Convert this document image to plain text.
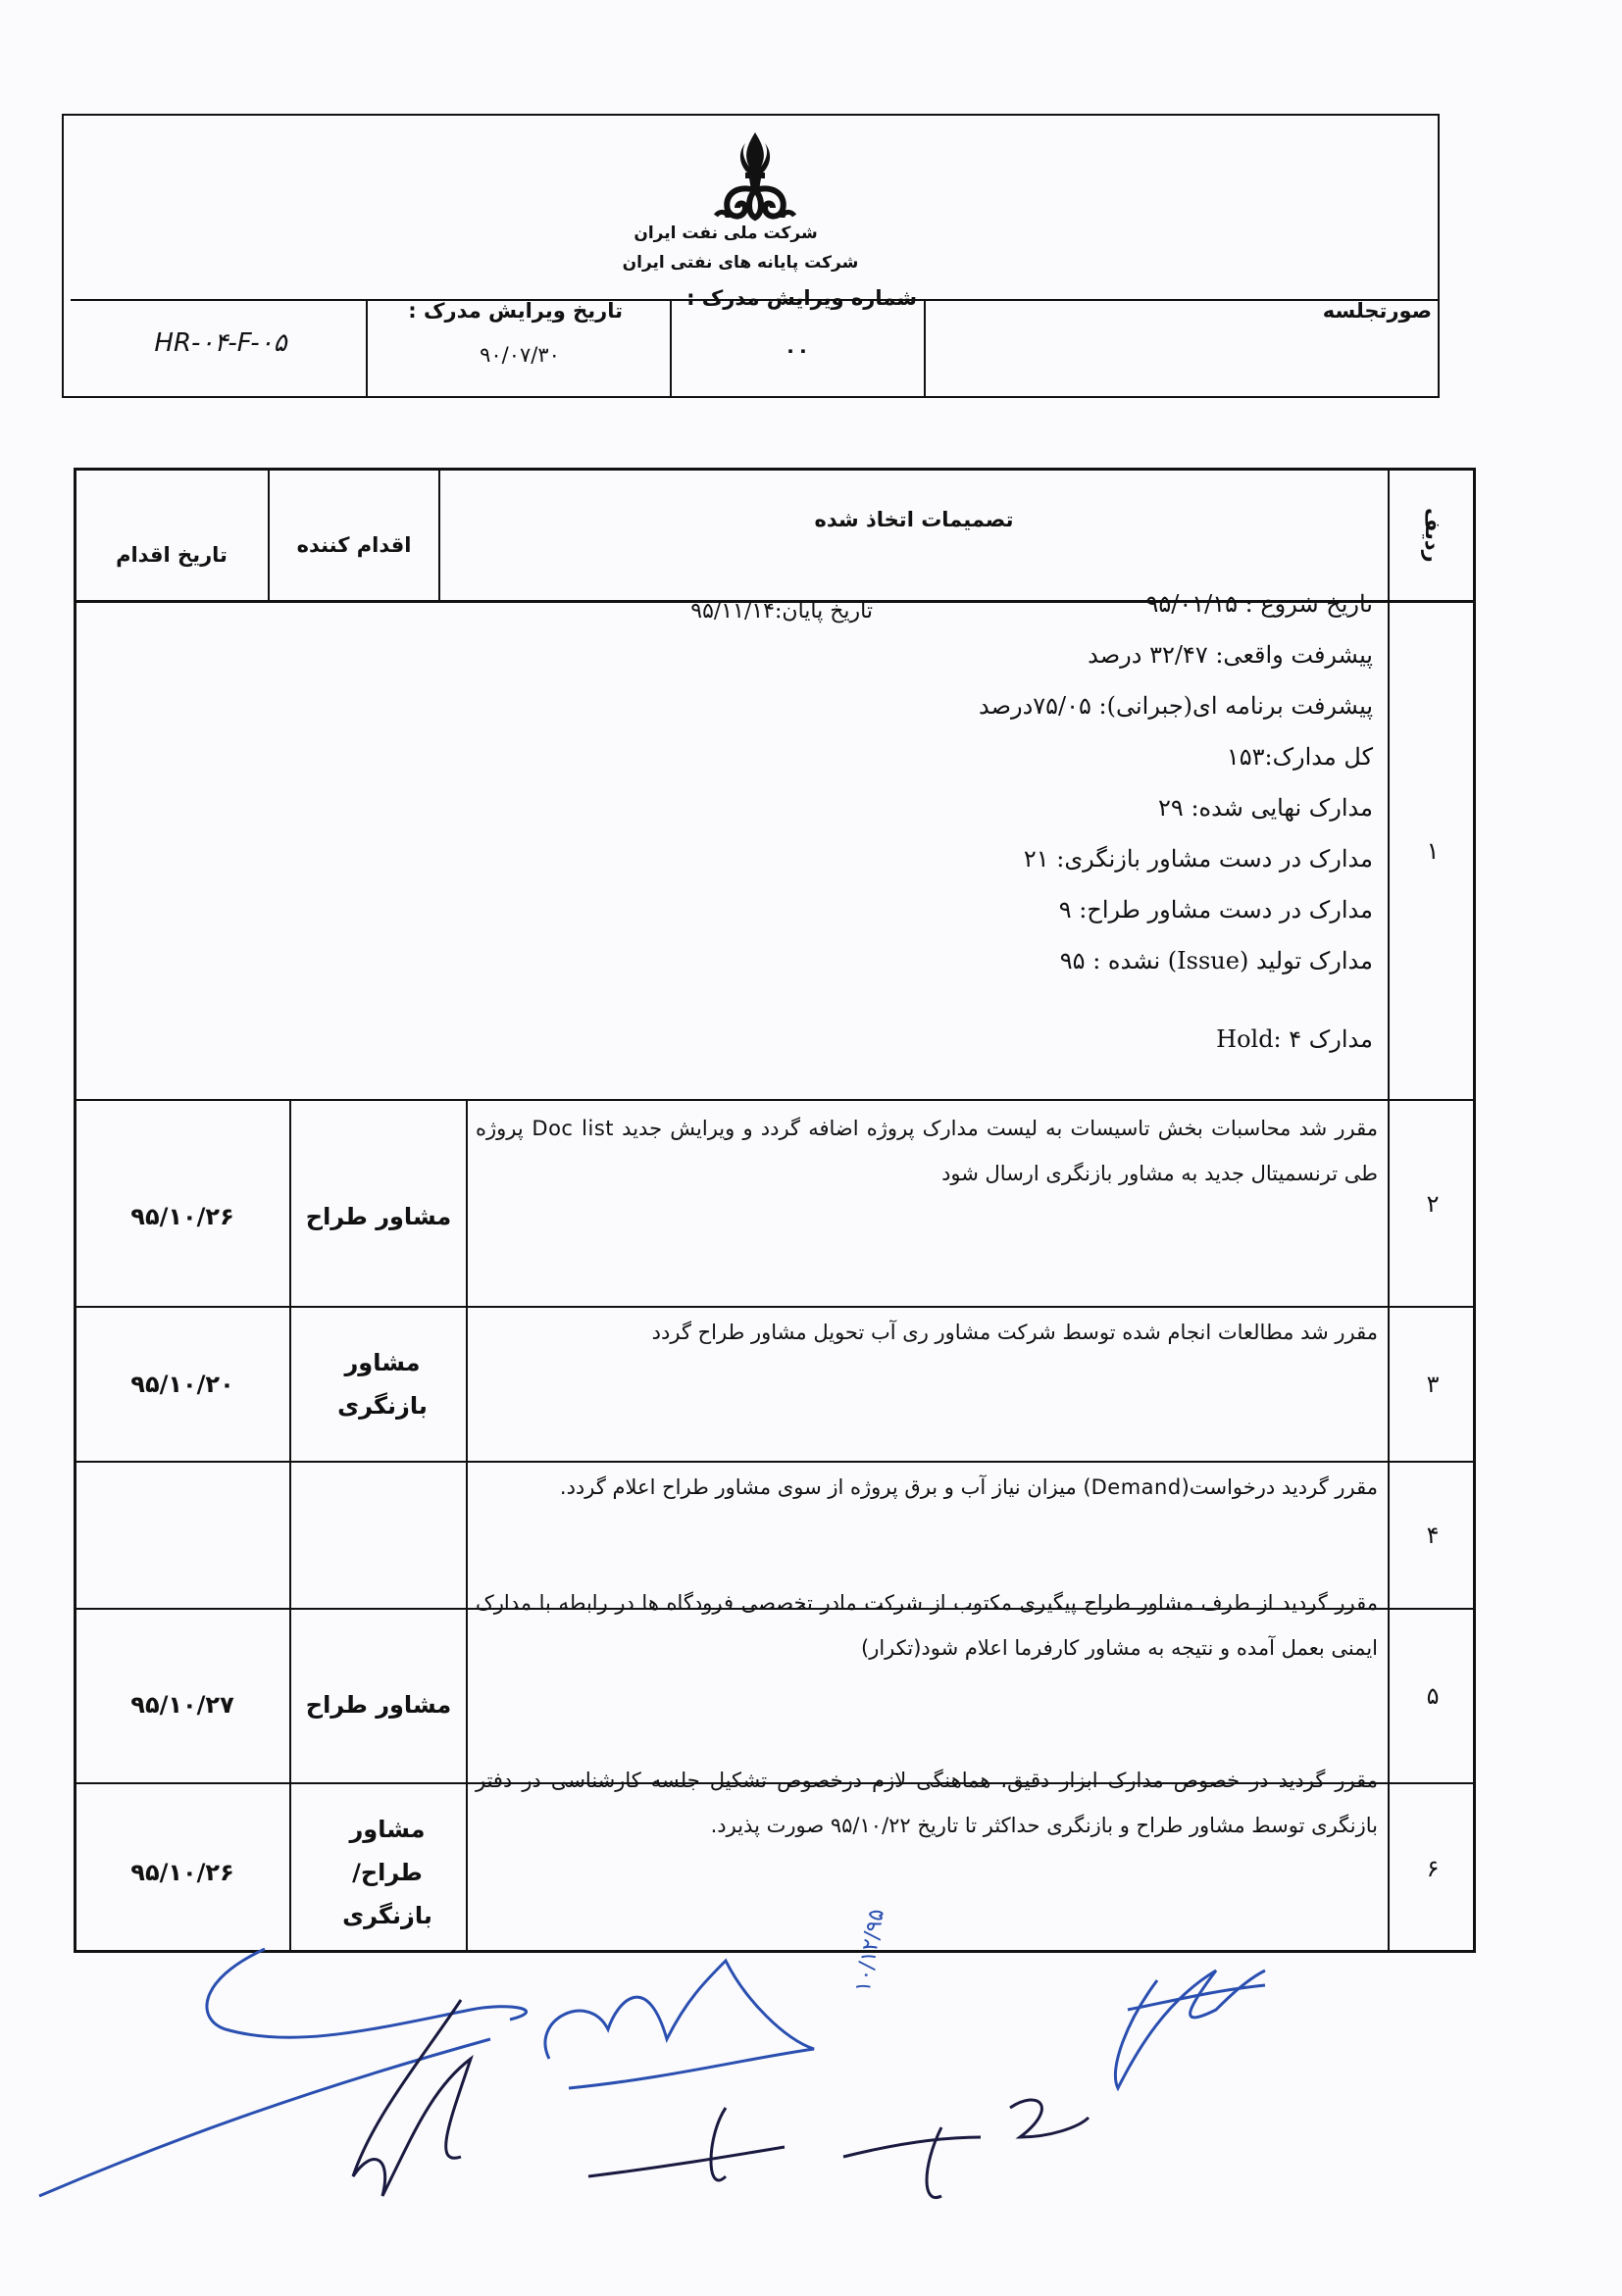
شرکت ملی نفت ایران
شرکت پایانه های نفتی ایران
صورتجلسه
شماره ویرایش مدرک :
۰۰
تاریخ ویرایش مدرک :
۹۰/۰۷/۳۰
HR-۰۴-F-۰۵
ردیف
تصمیمات اتخاذ شده
اقدام کننده
تاریخ اقدام
۱
تاریخ شروع : ۹۵/۰۱/۱۵
پیشرفت واقعی: ۳۲/۴۷ درصد
پیشرفت برنامه ای(جبرانی): ۷۵/۰۵درصد
کل مدارک:۱۵۳
مدارک نهایی شده: ۲۹
مدارک در دست مشاور بازنگری: ۲۱
مدارک در دست مشاور طراح: ۹
مدارک تولید (Issue) نشده : ۹۵
مدارک Hold: ۴
تاریخ پایان:۹۵/۱۱/۱۴
۲
مقرر شد محاسبات بخش تاسیسات به لیست مدارک پروژه اضافه گردد و ویرایش جدید Doc list پروژه طی ترنسمیتال جدید به مشاور بازنگری ارسال شود
مشاور طراح
۹۵/۱۰/۲۶
۳
مقرر شد مطالعات انجام شده توسط شرکت مشاور ری آب تحویل مشاور طراح گردد
مشاور بازنگری
۹۵/۱۰/۲۰
۴
مقرر گردید درخواست(Demand) میزان نیاز آب و برق پروژه از سوی مشاور طراح اعلام گردد.
۵
مقرر گردید از طرف مشاور طراح پیگیری مکتوب از شرکت مادر تخصصی فرودگاه ها در رابطه با مدارک ایمنی بعمل آمده و نتیجه به مشاور کارفرما اعلام شود(تکرار)
مشاور طراح
۹۵/۱۰/۲۷
۶
مقرر گردید در خصوص مدارک ابزار دقیق، هماهنگی لازم درخصوص تشکیل جلسه کارشناسی در دفتر بازنگری توسط مشاور طراح و بازنگری حداکثر تا تاریخ ۹۵/۱۰/۲۲ صورت پذیرد.
مشاور طراح/بازنگری
۹۵/۱۰/۲۶
۱۰/۱۲/۹۵
